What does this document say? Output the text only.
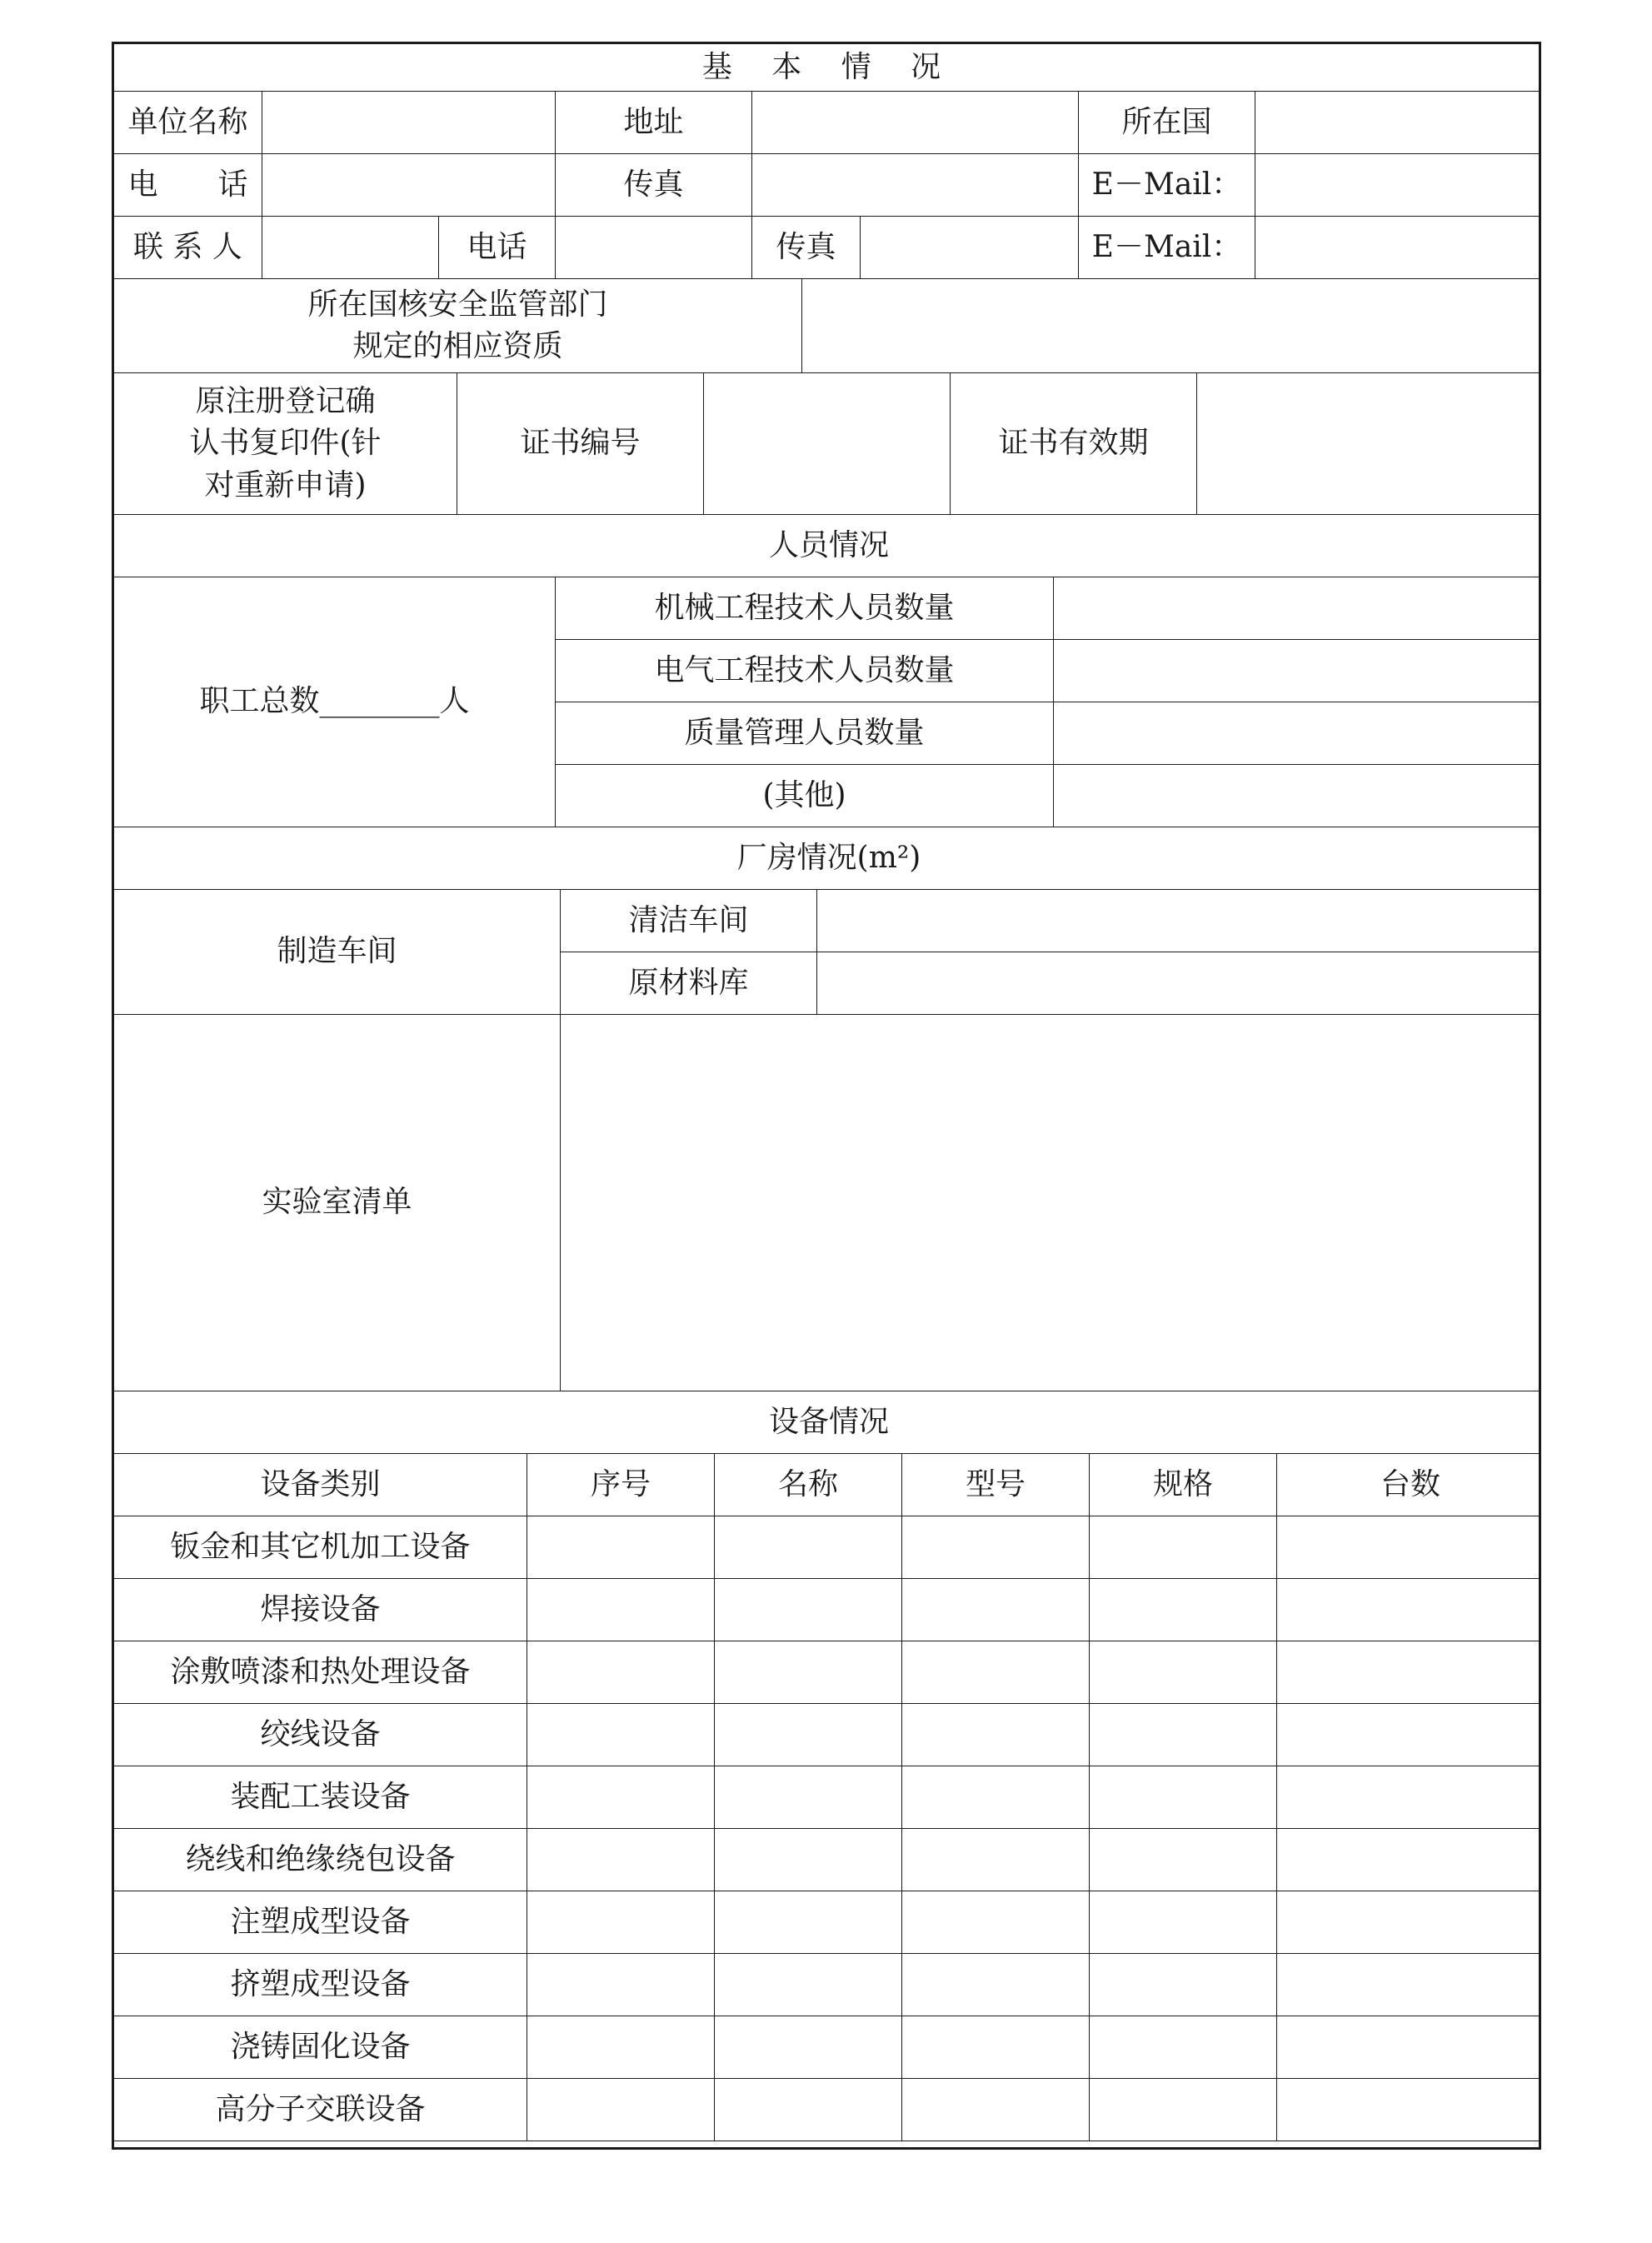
基 本 情 况
单位名称	地址	所在国
电　　话	传真	E－Mail：
联 系 人	电话	传真	E－Mail：
所在国核安全监管部门
规定的相应资质
原注册登记确
认书复印件(针
对重新申请)
证书编号	证书有效期
人员情况
职工总数________人
机械工程技术人员数量
电气工程技术人员数量
质量管理人员数量
(其他)
厂房情况(m²)
制造车间
清洁车间
原材料库
实验室清单
设备情况
设备类别	序号	名称	型号	规格	台数
钣金和其它机加工设备
焊接设备
涂敷喷漆和热处理设备
绞线设备
装配工装设备
绕线和绝缘绕包设备
注塑成型设备
挤塑成型设备
浇铸固化设备
高分子交联设备
